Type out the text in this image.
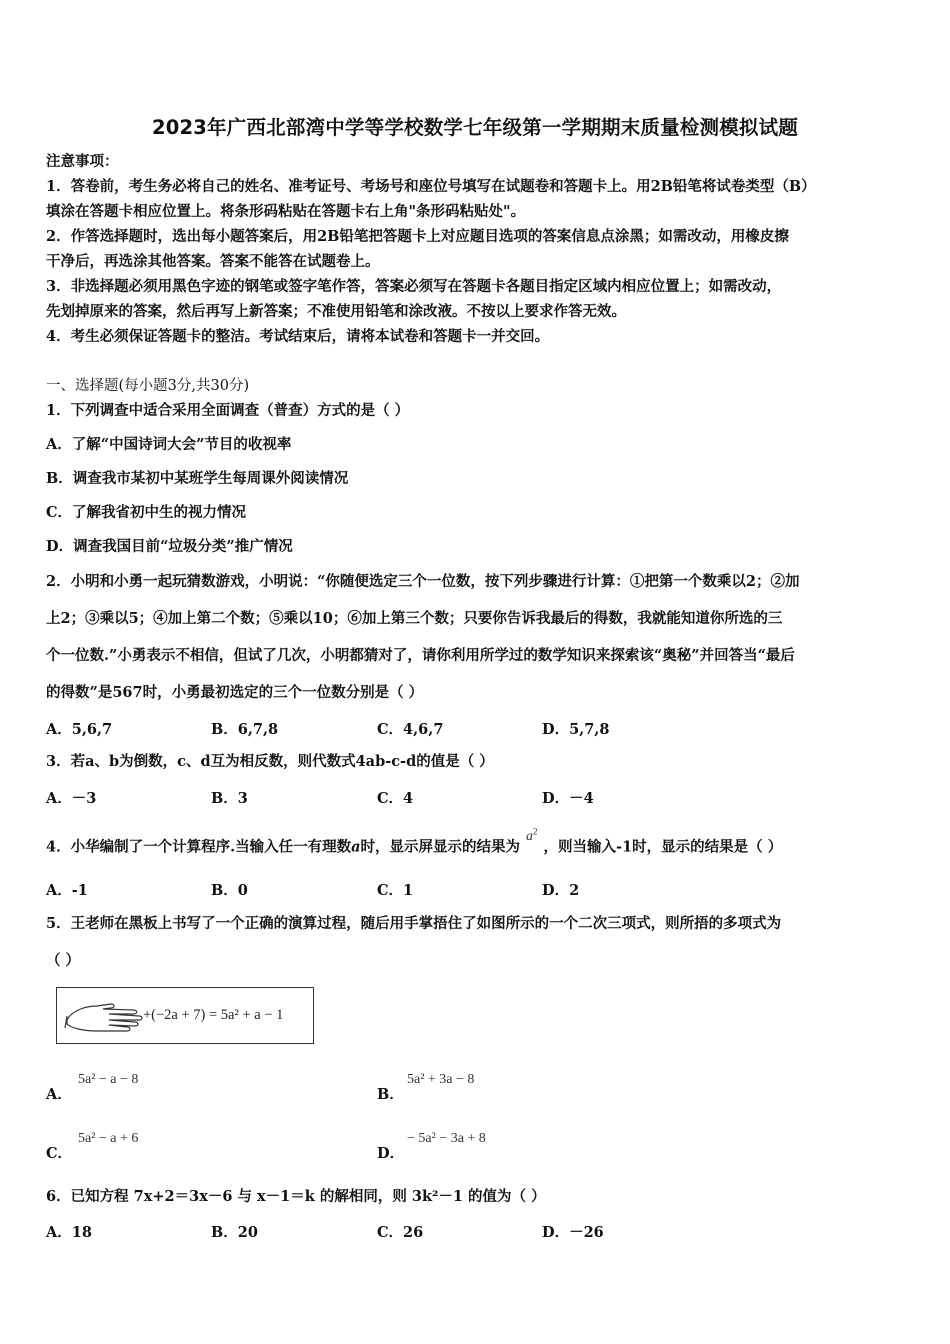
2023年广西北部湾中学等学校数学七年级第一学期期末质量检测模拟试题
注意事项：
1．答卷前，考生务必将自己的姓名、准考证号、考场号和座位号填写在试题卷和答题卡上。用2B铅笔将试卷类型（B）
填涂在答题卡相应位置上。将条形码粘贴在答题卡右上角"条形码粘贴处"。
2．作答选择题时，选出每小题答案后，用2B铅笔把答题卡上对应题目选项的答案信息点涂黑；如需改动，用橡皮擦
干净后，再选涂其他答案。答案不能答在试题卷上。
3．非选择题必须用黑色字迹的钢笔或签字笔作答，答案必须写在答题卡各题目指定区域内相应位置上；如需改动，
先划掉原来的答案，然后再写上新答案；不准使用铅笔和涂改液。不按以上要求作答无效。
4．考生必须保证答题卡的整洁。考试结束后，请将本试卷和答题卡一并交回。
一、选择题(每小题3分,共30分)
1．下列调查中适合采用全面调查（普查）方式的是（ ）
A．了解“中国诗词大会”节目的收视率
B．调查我市某初中某班学生每周课外阅读情况
C．了解我省初中生的视力情况
D．调查我国目前“垃圾分类”推广情况
2．小明和小勇一起玩猜数游戏，小明说：“你随便选定三个一位数，按下列步骤进行计算：①把第一个数乘以2；②加
上2；③乘以5；④加上第二个数；⑤乘以10；⑥加上第三个数；只要你告诉我最后的得数，我就能知道你所选的三
个一位数.”小勇表示不相信，但试了几次，小明都猜对了，请你利用所学过的数学知识来探索该“奥秘”并回答当“最后
的得数”是567时，小勇最初选定的三个一位数分别是（ ）
A．5,6,7	B．6,7,8	C．4,6,7	D．5,7,8
3．若a、b为倒数，c、d互为相反数，则代数式4ab-c-d的值是（ ）
A．－3	B．3	C．4	D．－4
4．小华编制了一个计算程序.当输入任一有理数a时，显示屏显示的结果为$a^2$，则当输入-1时，显示的结果是（ ）
A．-1	B．0	C．1	D．2
5．王老师在黑板上书写了一个正确的演算过程，随后用手掌捂住了如图所示的一个二次三项式，则所捂的多项式为
（ ）
+(−2a + 7) = 5a² + a − 1
A．
5a² − a − 8
B．
5a² + 3a − 8
C．
5a² − a + 6
D．
− 5a² − 3a + 8
6．已知方程 7x+2＝3x－6 与 x－1＝k 的解相同，则 3k²－1 的值为（ ）
A．18	B．20	C．26	D．－26
